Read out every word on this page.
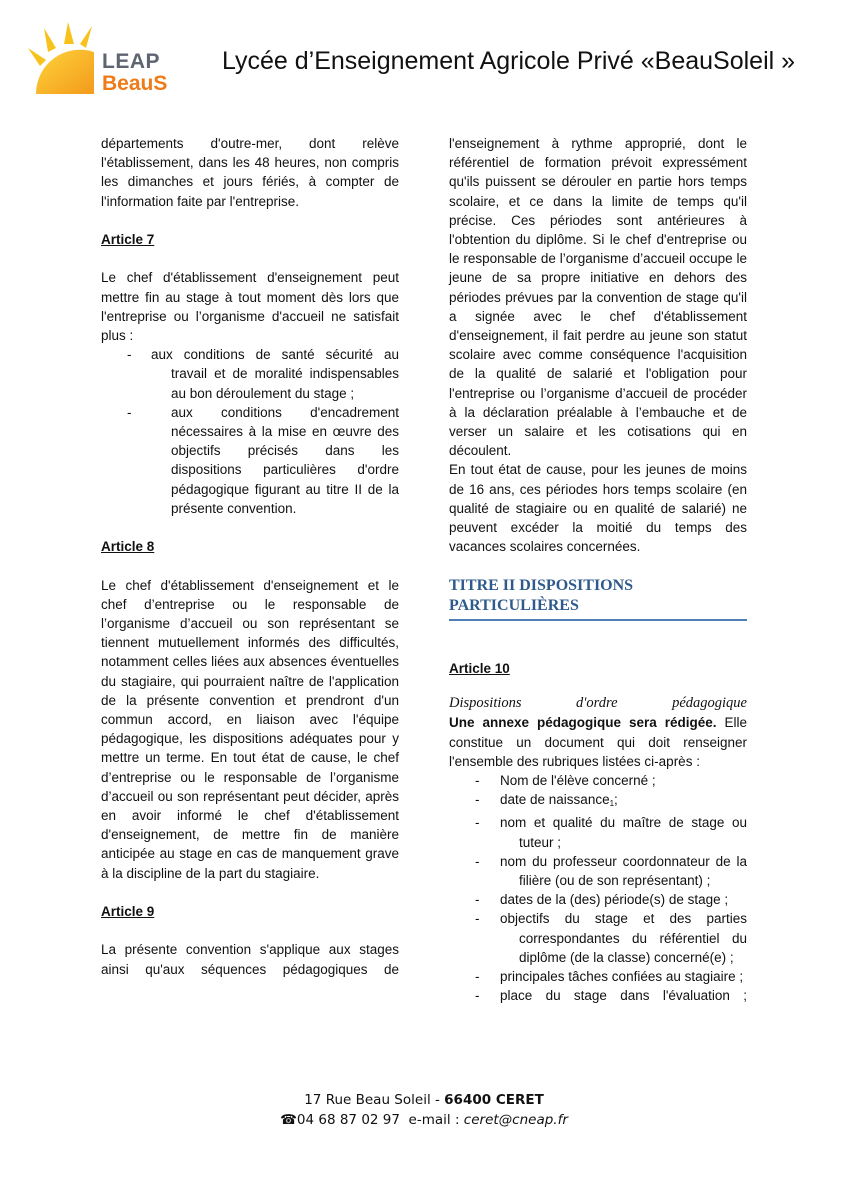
LEAP
BeauS
Lycée d’Enseignement Agricole Privé «BeauSoleil »

départements d'outre-mer, dont relève l'établissement, dans les 48 heures, non compris les dimanches et jours fériés, à compter de l'information faite par l'entreprise.

Article 7

Le chef d'établissement d'enseignement peut mettre fin au stage à tout moment dès lors que l'entreprise ou l’organisme d'accueil ne satisfait plus :

- aux conditions de santé sécurité au travail et de moralité indispensables au bon déroulement du stage ;
-	aux conditions d'encadrement nécessaires à la mise en œuvre des objectifs précisés dans les dispositions particulières d'ordre pédagogique figurant au titre II de la présente convention.

Article 8

Le chef d'établissement d'enseignement et le chef d’entreprise ou le responsable de l’organisme d’accueil ou son représentant se tiennent mutuellement informés des difficultés, notamment celles liées aux absences éventuelles du stagiaire, qui pourraient naître de l'application de la présente convention et prendront d'un commun accord, en liaison avec l'équipe pédagogique, les dispositions adéquates pour y mettre un terme. En tout état de cause, le chef d’entreprise ou le responsable de l’organisme d’accueil ou son représentant peut décider, après en avoir informé le chef d'établissement d'enseignement, de mettre fin de manière anticipée au stage en cas de manquement grave à la discipline de la part du stagiaire.

Article 9

La présente convention s'applique aux stages ainsi qu'aux séquences pédagogiques de

l'enseignement à rythme approprié, dont le référentiel de formation prévoit expressément qu'ils puissent se dérouler en partie hors temps scolaire, et ce dans la limite de temps qu'il précise. Ces périodes sont antérieures à l'obtention du diplôme. Si le chef d'entreprise ou le responsable de l’organisme d’accueil occupe le jeune de sa propre initiative en dehors des périodes prévues par la convention de stage qu'il a signée avec le chef d'établissement d'enseignement, il fait perdre au jeune son statut scolaire avec comme conséquence l'acquisition de la qualité de salarié et l'obligation pour l'entreprise ou l’organisme d’accueil de procéder à la déclaration préalable à l’embauche et de verser un salaire et les cotisations qui en découlent.

En tout état de cause, pour les jeunes de moins de 16 ans, ces périodes hors temps scolaire (en qualité de stagiaire ou en qualité de salarié) ne peuvent excéder la moitié du temps des vacances scolaires concernées.

TITRE II DISPOSITIONS
PARTICULIÈRES

Article 10

Dispositions	d'ordre	pédagogique

Une annexe pédagogique sera rédigée. Elle constitue un document qui doit renseigner l'ensemble des rubriques listées ci-après :

- Nom de l'élève concerné ;
- date de naissance$_1$;
- nom et qualité du maître de stage ou tuteur ;
- nom du professeur coordonnateur de la filière (ou de son représentant) ;
- dates de la (des) période(s) de stage ;
- objectifs du stage et des parties correspondantes du référentiel du diplôme (de la classe) concerné(e) ;
- principales tâches confiées au stagiaire ;
- place du stage dans l'évaluation ;
17 Rue Beau Soleil - 66400 CERET
☎04 68 87 02 97  e-mail : ceret@cneap.fr
